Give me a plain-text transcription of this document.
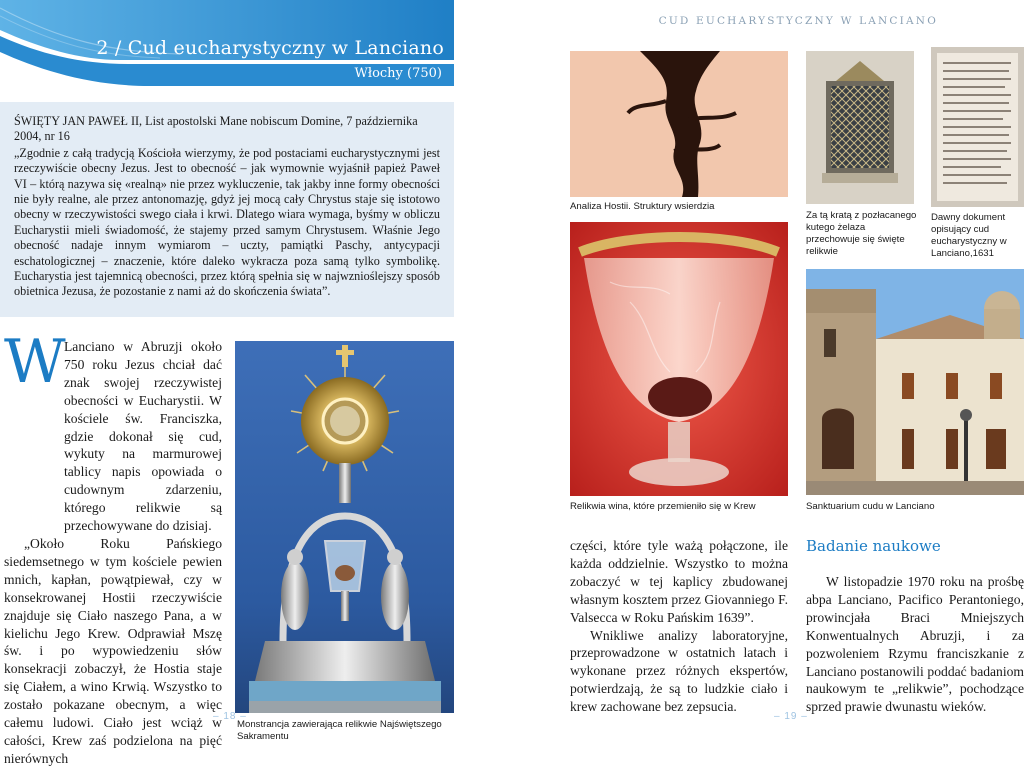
2 / Cud eucharystyczny w Lanciano
Włochy (750)

ŚWIĘTY JAN PAWEŁ II, List apostolski Mane nobiscum Domine, 7 października 2004, nr 16

„Zgodnie z całą tradycją Kościoła wierzymy, że pod postaciami eucharystycznymi jest rzeczywiście obecny Jezus. Jest to obecność – jak wymownie wyjaśnił papież Paweł VI – którą nazywa się «realną» nie przez wykluczenie, tak jakby inne formy obecności nie były realne, ale przez antonomazję, gdyż jej mocą cały Chrystus staje się istotowo obecny w rzeczywistości swego ciała i krwi. Dlatego wiara wymaga, byśmy w obliczu Eucharystii mieli świadomość, że stajemy przed samym Chrystusem. Właśnie Jego obecność nadaje innym wymiarom – uczty, pamiątki Paschy, antycypacji eschatologicznej – znaczenie, które daleko wykracza poza samą tylko symbolikę. Eucharystia jest tajemnicą obecności, przez którą spełnia się w najwznioślejszy sposób obietnica Jezusa, że pozostanie z nami aż do skończenia świata”.

W

Lanciano w Abruzji około 750 roku Jezus chciał dać znak swojej rzeczywistej obecności w Eucharystii. W kościele św. Franciszka, gdzie dokonał się cud, wykuty na marmurowej tablicy napis opowiada o cudownym zdarzeniu, którego relikwie są przechowywane do dzisiaj.

„Około Roku Pańskiego siedemsetnego w tym kościele pewien mnich, kapłan, powątpiewał, czy w konsekrowanej Hostii rzeczywiście znajduje się Ciało naszego Pana, a w kielichu Jego Krew. Odprawiał Mszę św. i po wypowiedzeniu słów konsekracji zobaczył, że Hostia staje się Ciałem, a wino Krwią. Wszystko to zostało pokazane obecnym, a więc całemu ludowi. Ciało jest wciąż w całości, Krew zaś podzielona na pięć nierównych

Monstrancja zawierająca relikwie Najświętszego Sakramentu
– 18 –
CUD EUCHARYSTYCZNY W LANCIANO
Analiza Hostii. Struktury wsierdzia
Za tą kratą z pozłacanego kutego żelaza przechowuje się święte relikwie
Dawny dokument opisujący cud eucharystyczny w Lanciano,1631
Relikwia wina, które przemieniło się w Krew	Sanktuarium cudu w Lanciano

części, które tyle ważą połączone, ile każda oddzielnie. Wszystko to można zobaczyć w tej kaplicy zbudowanej własnym kosztem przez Giovanniego F. Valsecca w Roku Pańskim 1639”.

Wnikliwe analizy laboratoryjne, przeprowadzone w ostatnich latach i wykonane przez różnych ekspertów, potwierdzają, że są to ludzkie ciało i krew zachowane bez zepsucia.

Badanie naukowe

W listopadzie 1970 roku na prośbę abpa Lanciano, Pacifico Perantoniego, prowincjała Braci Mniejszych Konwentualnych Abruzji, i za pozwoleniem Rzymu franciszkanie z Lanciano postanowili poddać badaniom naukowym te „relikwie”, pochodzące sprzed prawie dwunastu wieków.

– 19 –
